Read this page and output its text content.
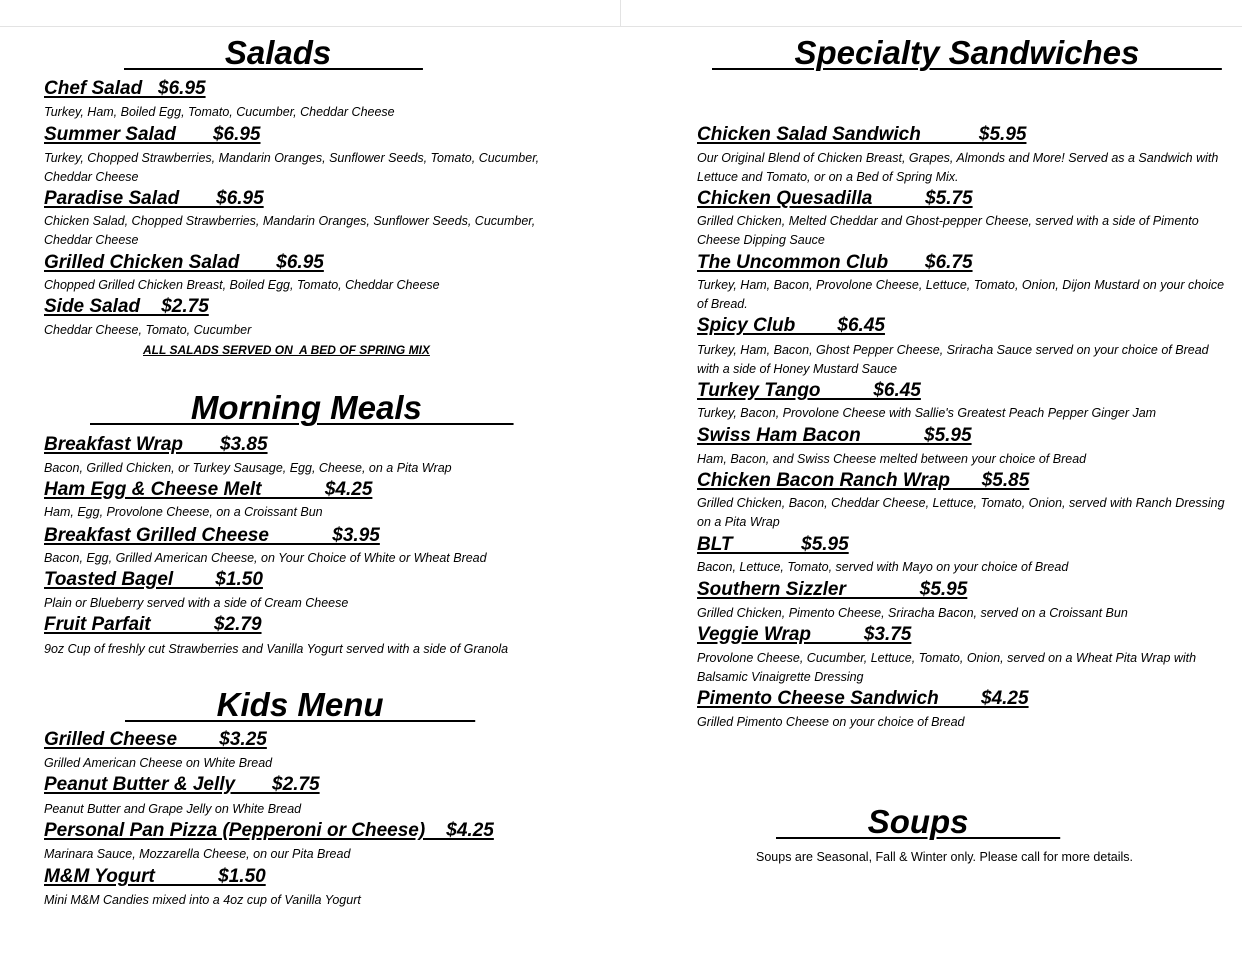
Salads
Chef Salad   $6.95
Turkey, Ham, Boiled Egg, Tomato, Cucumber, Cheddar Cheese
Summer Salad       $6.95
Turkey, Chopped Strawberries, Mandarin Oranges, Sunflower Seeds, Tomato, Cucumber, Cheddar Cheese
Paradise Salad       $6.95
Chicken Salad, Chopped Strawberries, Mandarin Oranges, Sunflower Seeds, Cucumber, Cheddar Cheese
Grilled Chicken Salad       $6.95
Chopped Grilled Chicken Breast, Boiled Egg, Tomato, Cheddar Cheese
Side Salad    $2.75
Cheddar Cheese, Tomato, Cucumber
ALL SALADS SERVED ON  A BED OF SPRING MIX
Morning Meals
Breakfast Wrap       $3.85
Bacon, Grilled Chicken, or Turkey Sausage, Egg, Cheese, on a Pita Wrap
Ham Egg & Cheese Melt            $4.25
Ham, Egg, Provolone Cheese, on a Croissant Bun
Breakfast Grilled Cheese            $3.95
Bacon, Egg, Grilled American Cheese, on Your Choice of White or Wheat Bread
Toasted Bagel        $1.50
Plain or Blueberry served with a side of Cream Cheese
Fruit Parfait            $2.79
9oz Cup of freshly cut Strawberries and Vanilla Yogurt served with a side of Granola
Kids Menu
Grilled Cheese        $3.25
Grilled American Cheese on White Bread
Peanut Butter & Jelly       $2.75
Peanut Butter and Grape Jelly on White Bread
Personal Pan Pizza (Pepperoni or Cheese)    $4.25
Marinara Sauce, Mozzarella Cheese, on our Pita Bread
M&M Yogurt            $1.50
Mini M&M Candies mixed into a 4oz cup of Vanilla Yogurt
Specialty Sandwiches
Chicken Salad Sandwich           $5.95
Our Original Blend of Chicken Breast, Grapes, Almonds and More! Served as a Sandwich with Lettuce and Tomato, or on a Bed of Spring Mix.
Chicken Quesadilla          $5.75
Grilled Chicken, Melted Cheddar and Ghost-pepper Cheese, served with a side of Pimento Cheese Dipping Sauce
The Uncommon Club       $6.75
Turkey, Ham, Bacon, Provolone Cheese, Lettuce, Tomato, Onion, Dijon Mustard on your choice of Bread.
Spicy Club        $6.45
Turkey, Ham, Bacon, Ghost Pepper Cheese, Sriracha Sauce served on your choice of Bread with a side of Honey Mustard Sauce
Turkey Tango          $6.45
Turkey, Bacon, Provolone Cheese with Sallie's Greatest Peach Pepper Ginger Jam
Swiss Ham Bacon            $5.95
Ham, Bacon, and Swiss Cheese melted between your choice of Bread
Chicken Bacon Ranch Wrap      $5.85
Grilled Chicken, Bacon, Cheddar Cheese, Lettuce, Tomato, Onion, served with Ranch Dressing on a Pita Wrap
BLT             $5.95
Bacon, Lettuce, Tomato, served with Mayo on your choice of Bread
Southern Sizzler              $5.95
Grilled Chicken, Pimento Cheese, Sriracha Bacon, served on a Croissant Bun
Veggie Wrap          $3.75
Provolone Cheese, Cucumber, Lettuce, Tomato, Onion, served on a Wheat Pita Wrap with Balsamic Vinaigrette Dressing
Pimento Cheese Sandwich        $4.25
Grilled Pimento Cheese on your choice of Bread
Soups
Soups are Seasonal, Fall & Winter only. Please call for more details.
